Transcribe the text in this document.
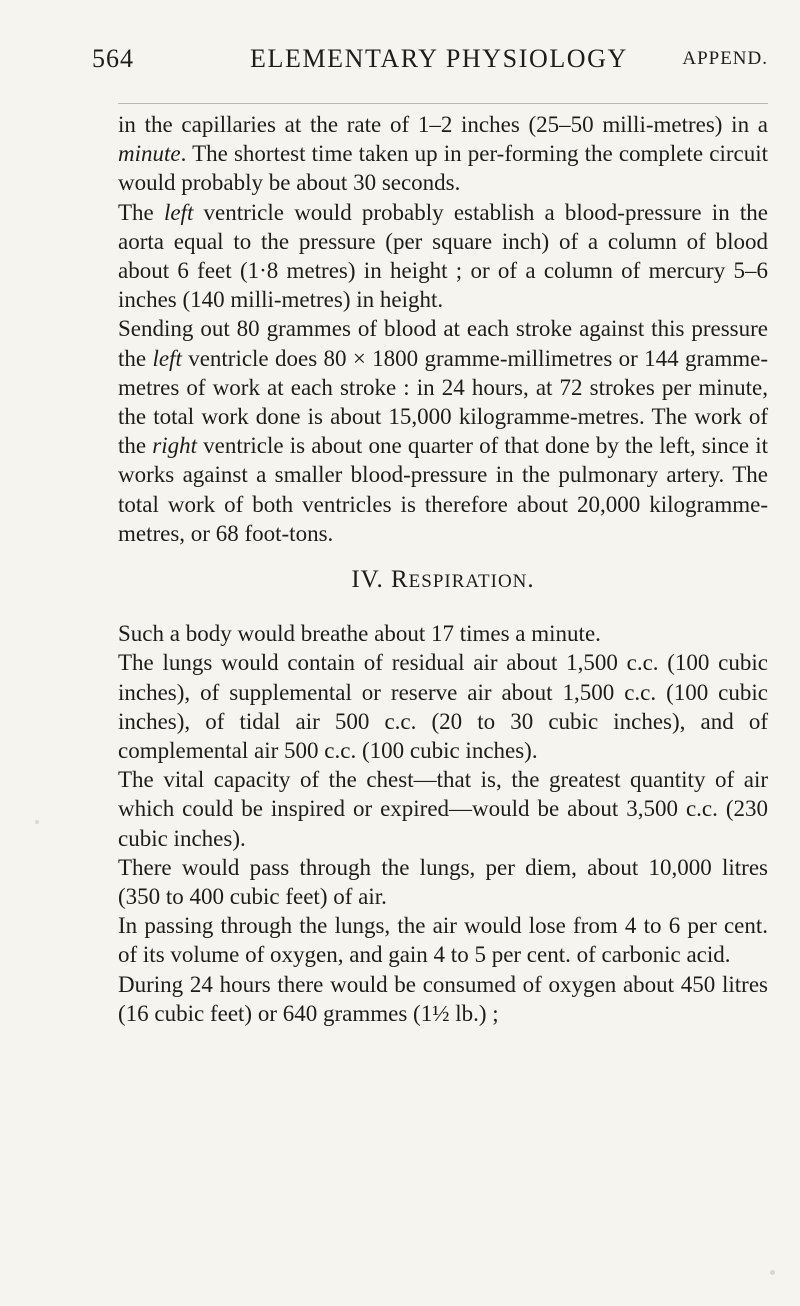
564	ELEMENTARY PHYSIOLOGY	APPEND.

in the capillaries at the rate of 1–2 inches (25–50 milli-metres) in a minute. The shortest time taken up in per-forming the complete circuit would probably be about 30 seconds.

The left ventricle would probably establish a blood-pressure in the aorta equal to the pressure (per square inch) of a column of blood about 6 feet (1·8 metres) in height ; or of a column of mercury 5–6 inches (140 milli-metres) in height.

Sending out 80 grammes of blood at each stroke against this pressure the left ventricle does 80 × 1800 gramme-millimetres or 144 gramme-metres of work at each stroke : in 24 hours, at 72 strokes per minute, the total work done is about 15,000 kilogramme-metres. The work of the right ventricle is about one quarter of that done by the left, since it works against a smaller blood-pressure in the pulmonary artery. The total work of both ventricles is therefore about 20,000 kilogramme-metres, or 68 foot-tons.

IV. RESPIRATION.

Such a body would breathe about 17 times a minute.

The lungs would contain of residual air about 1,500 c.c. (100 cubic inches), of supplemental or reserve air about 1,500 c.c. (100 cubic inches), of tidal air 500 c.c. (20 to 30 cubic inches), and of complemental air 500 c.c. (100 cubic inches).

The vital capacity of the chest—that is, the greatest quantity of air which could be inspired or expired—would be about 3,500 c.c. (230 cubic inches).

There would pass through the lungs, per diem, about 10,000 litres (350 to 400 cubic feet) of air.

In passing through the lungs, the air would lose from 4 to 6 per cent. of its volume of oxygen, and gain 4 to 5 per cent. of carbonic acid.

During 24 hours there would be consumed of oxygen about 450 litres (16 cubic feet) or 640 grammes (1½ lb.) ;
